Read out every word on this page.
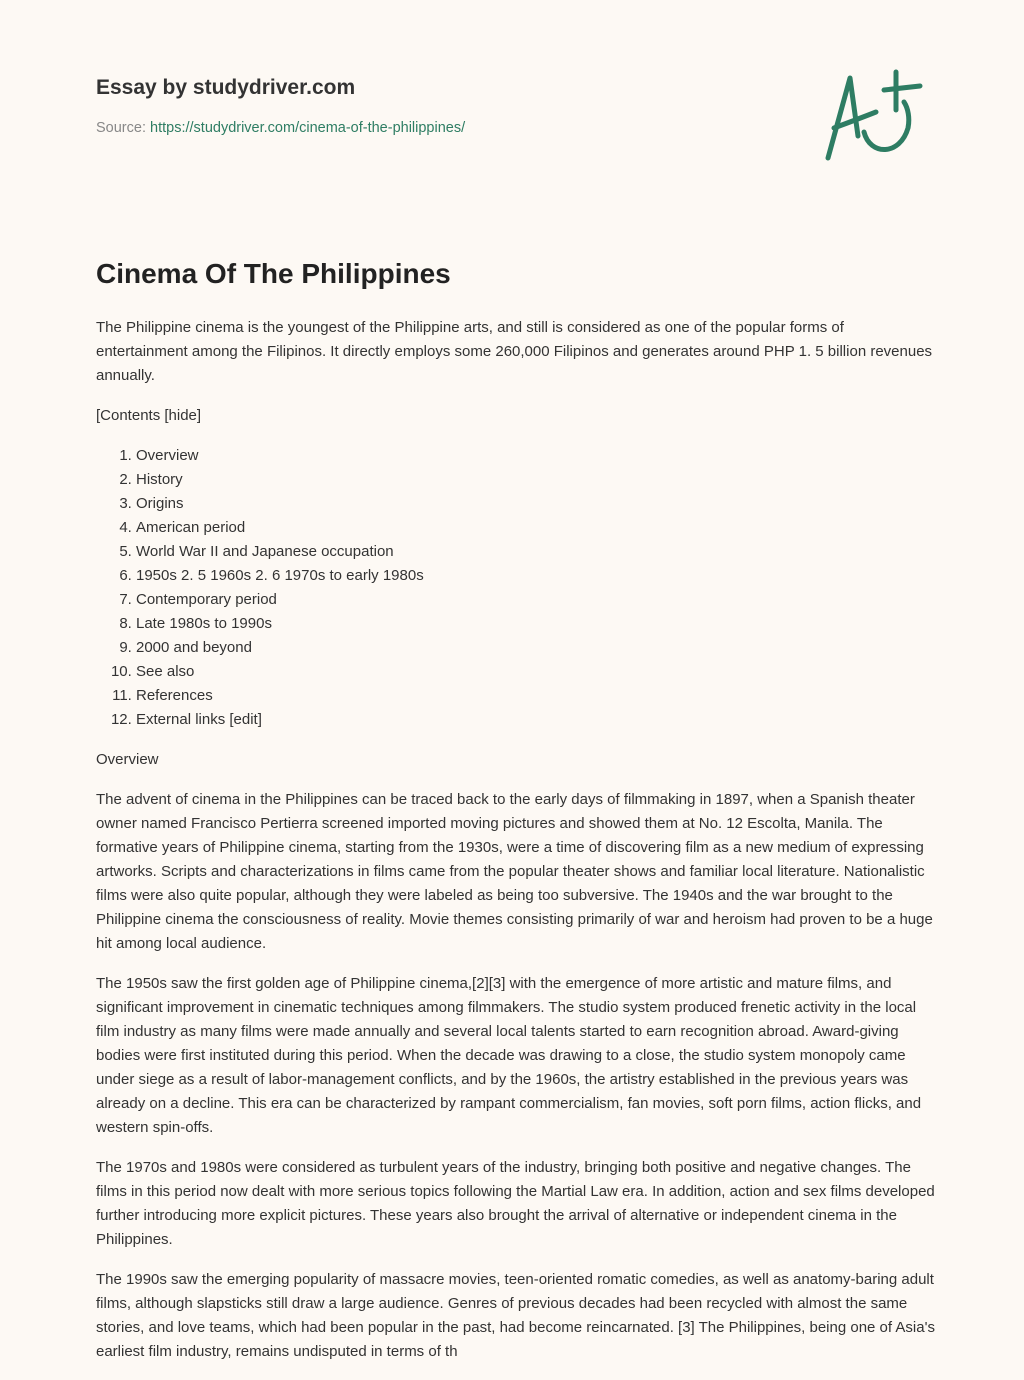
Essay by studydriver.com
Source: https://studydriver.com/cinema-of-the-philippines/
Cinema Of The Philippines

The Philippine cinema is the youngest of the Philippine arts, and still is considered as one of the popular forms of entertainment among the Filipinos. It directly employs some 260,000 Filipinos and generates around PHP 1. 5 billion revenues annually.

[Contents [hide]

1. Overview
2. History
3. Origins
4. American period
5. World War II and Japanese occupation
6. 1950s 2. 5 1960s 2. 6 1970s to early 1980s
7. Contemporary period
8. Late 1980s to 1990s
9. 2000 and beyond
10. See also
11. References
12. External links [edit]

Overview

The advent of cinema in the Philippines can be traced back to the early days of filmmaking in 1897, when a Spanish theater owner named Francisco Pertierra screened imported moving pictures and showed them at No. 12 Escolta, Manila. The formative years of Philippine cinema, starting from the 1930s, were a time of discovering film as a new medium of expressing artworks. Scripts and characterizations in films came from the popular theater shows and familiar local literature. Nationalistic films were also quite popular, although they were labeled as being too subversive. The 1940s and the war brought to the Philippine cinema the consciousness of reality. Movie themes consisting primarily of war and heroism had proven to be a huge hit among local audience.

The 1950s saw the first golden age of Philippine cinema,[2][3] with the emergence of more artistic and mature films, and significant improvement in cinematic techniques among filmmakers. The studio system produced frenetic activity in the local film industry as many films were made annually and several local talents started to earn recognition abroad. Award-giving bodies were first instituted during this period. When the decade was drawing to a close, the studio system monopoly came under siege as a result of labor-management conflicts, and by the 1960s, the artistry established in the previous years was already on a decline. This era can be characterized by rampant commercialism, fan movies, soft porn films, action flicks, and western spin-offs.

The 1970s and 1980s were considered as turbulent years of the industry, bringing both positive and negative changes. The films in this period now dealt with more serious topics following the Martial Law era. In addition, action and sex films developed further introducing more explicit pictures. These years also brought the arrival of alternative or independent cinema in the Philippines.

The 1990s saw the emerging popularity of massacre movies, teen-oriented romatic comedies, as well as anatomy-baring adult films, although slapsticks still draw a large audience. Genres of previous decades had been recycled with almost the same stories, and love teams, which had been popular in the past, had become reincarnated. [3] The Philippines, being one of Asia's earliest film industry, remains undisputed in terms of th
